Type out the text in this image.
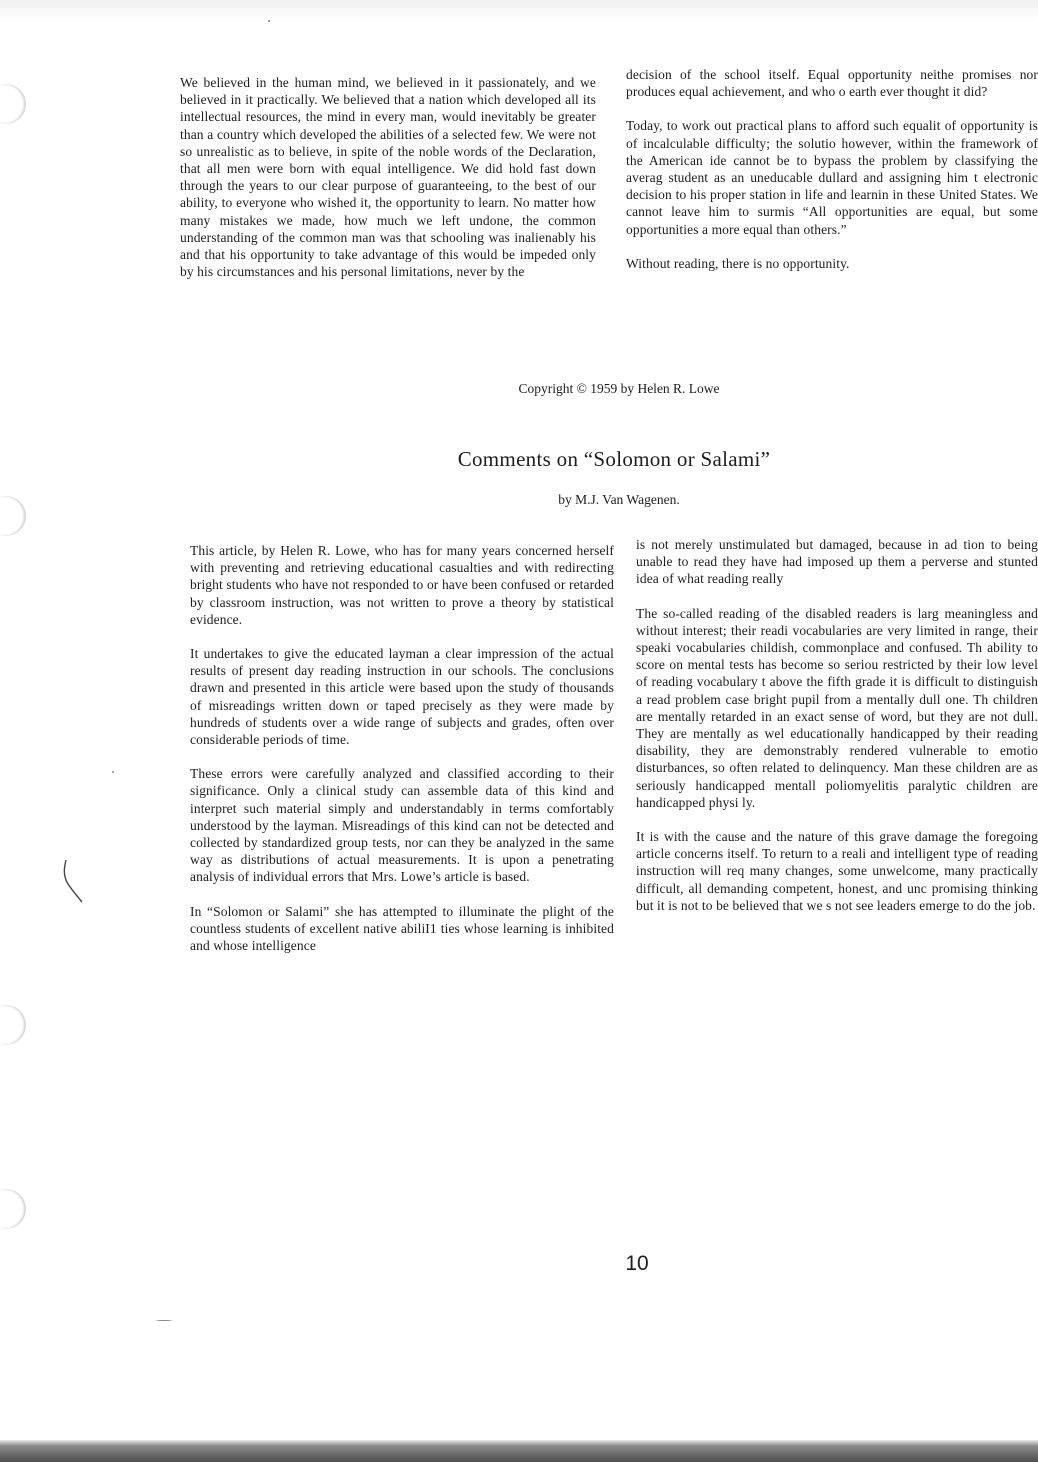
We believed in the human mind, we believed in it passionately, and we believed in it practically. We believed that a nation which developed all its intellectual resources, the mind in every man, would inevitably be greater than a country which developed the abilities of a selected few. We were not so unrealistic as to believe, in spite of the noble words of the Declaration, that all men were born with equal intelligence. We did hold fast down through the years to our clear purpose of guaranteeing, to the best of our ability, to everyone who wished it, the opportunity to learn. No matter how many mistakes we made, how much we left undone, the common understanding of the common man was that schooling was inalienably his and that his opportunity to take advantage of this would be impeded only by his circumstances and his personal limitations, never by the

decision of the school itself. Equal opportunity neithe promises nor produces equal achievement, and who o earth ever thought it did?

Today, to work out practical plans to afford such equalit of opportunity is of incalculable difficulty; the solutio however, within the framework of the American ide cannot be to bypass the problem by classifying the averag student as an uneducable dullard and assigning him t electronic decision to his proper station in life and learnin in these United States. We cannot leave him to surmis “All opportunities are equal, but some opportunities a more equal than others.”

Without reading, there is no opportunity.

Copyright © 1959 by Helen R. Lowe
Comments on “Solomon or Salami”
by M.J. Van Wagenen.

This article, by Helen R. Lowe, who has for many years concerned herself with preventing and retrieving educational casualties and with redirecting bright students who have not responded to or have been confused or retarded by classroom instruction, was not written to prove a theory by statistical evidence.

It undertakes to give the educated layman a clear impression of the actual results of present day reading instruction in our schools. The conclusions drawn and presented in this article were based upon the study of thousands of misreadings written down or taped precisely as they were made by hundreds of students over a wide range of subjects and grades, often over considerable periods of time.

These errors were carefully analyzed and classified according to their significance. Only a clinical study can assemble data of this kind and interpret such material simply and understandably in terms comfortably understood by the layman. Misreadings of this kind can not be detected and collected by standardized group tests, nor can they be analyzed in the same way as distributions of actual measurements. It is upon a penetrating analysis of individual errors that Mrs. Lowe’s article is based.

In “Solomon or Salami” she has attempted to illuminate the plight of the countless students of excellent native abiliI1 ties whose learning is inhibited and whose intelligence

is not merely unstimulated but damaged, because in ad tion to being unable to read they have had imposed up them a perverse and stunted idea of what reading really

The so-called reading of the disabled readers is larg meaningless and without interest; their readi vocabularies are very limited in range, their speaki vocabularies childish, commonplace and confused. Th ability to score on mental tests has become so seriou restricted by their low level of reading vocabulary t above the fifth grade it is difficult to distinguish a read problem case bright pupil from a mentally dull one. Th children are mentally retarded in an exact sense of word, but they are not dull. They are mentally as wel educationally handicapped by their reading disability, they are demonstrably rendered vulnerable to emotio disturbances, so often related to delinquency. Man these children are as seriously handicapped mentall poliomyelitis paralytic children are handicapped physi ly.

It is with the cause and the nature of this grave damage the foregoing article concerns itself. To return to a reali and intelligent type of reading instruction will req many changes, some unwelcome, many practically difficult, all demanding competent, honest, and unc promising thinking but it is not to be believed that we s not see leaders emerge to do the job.

10
